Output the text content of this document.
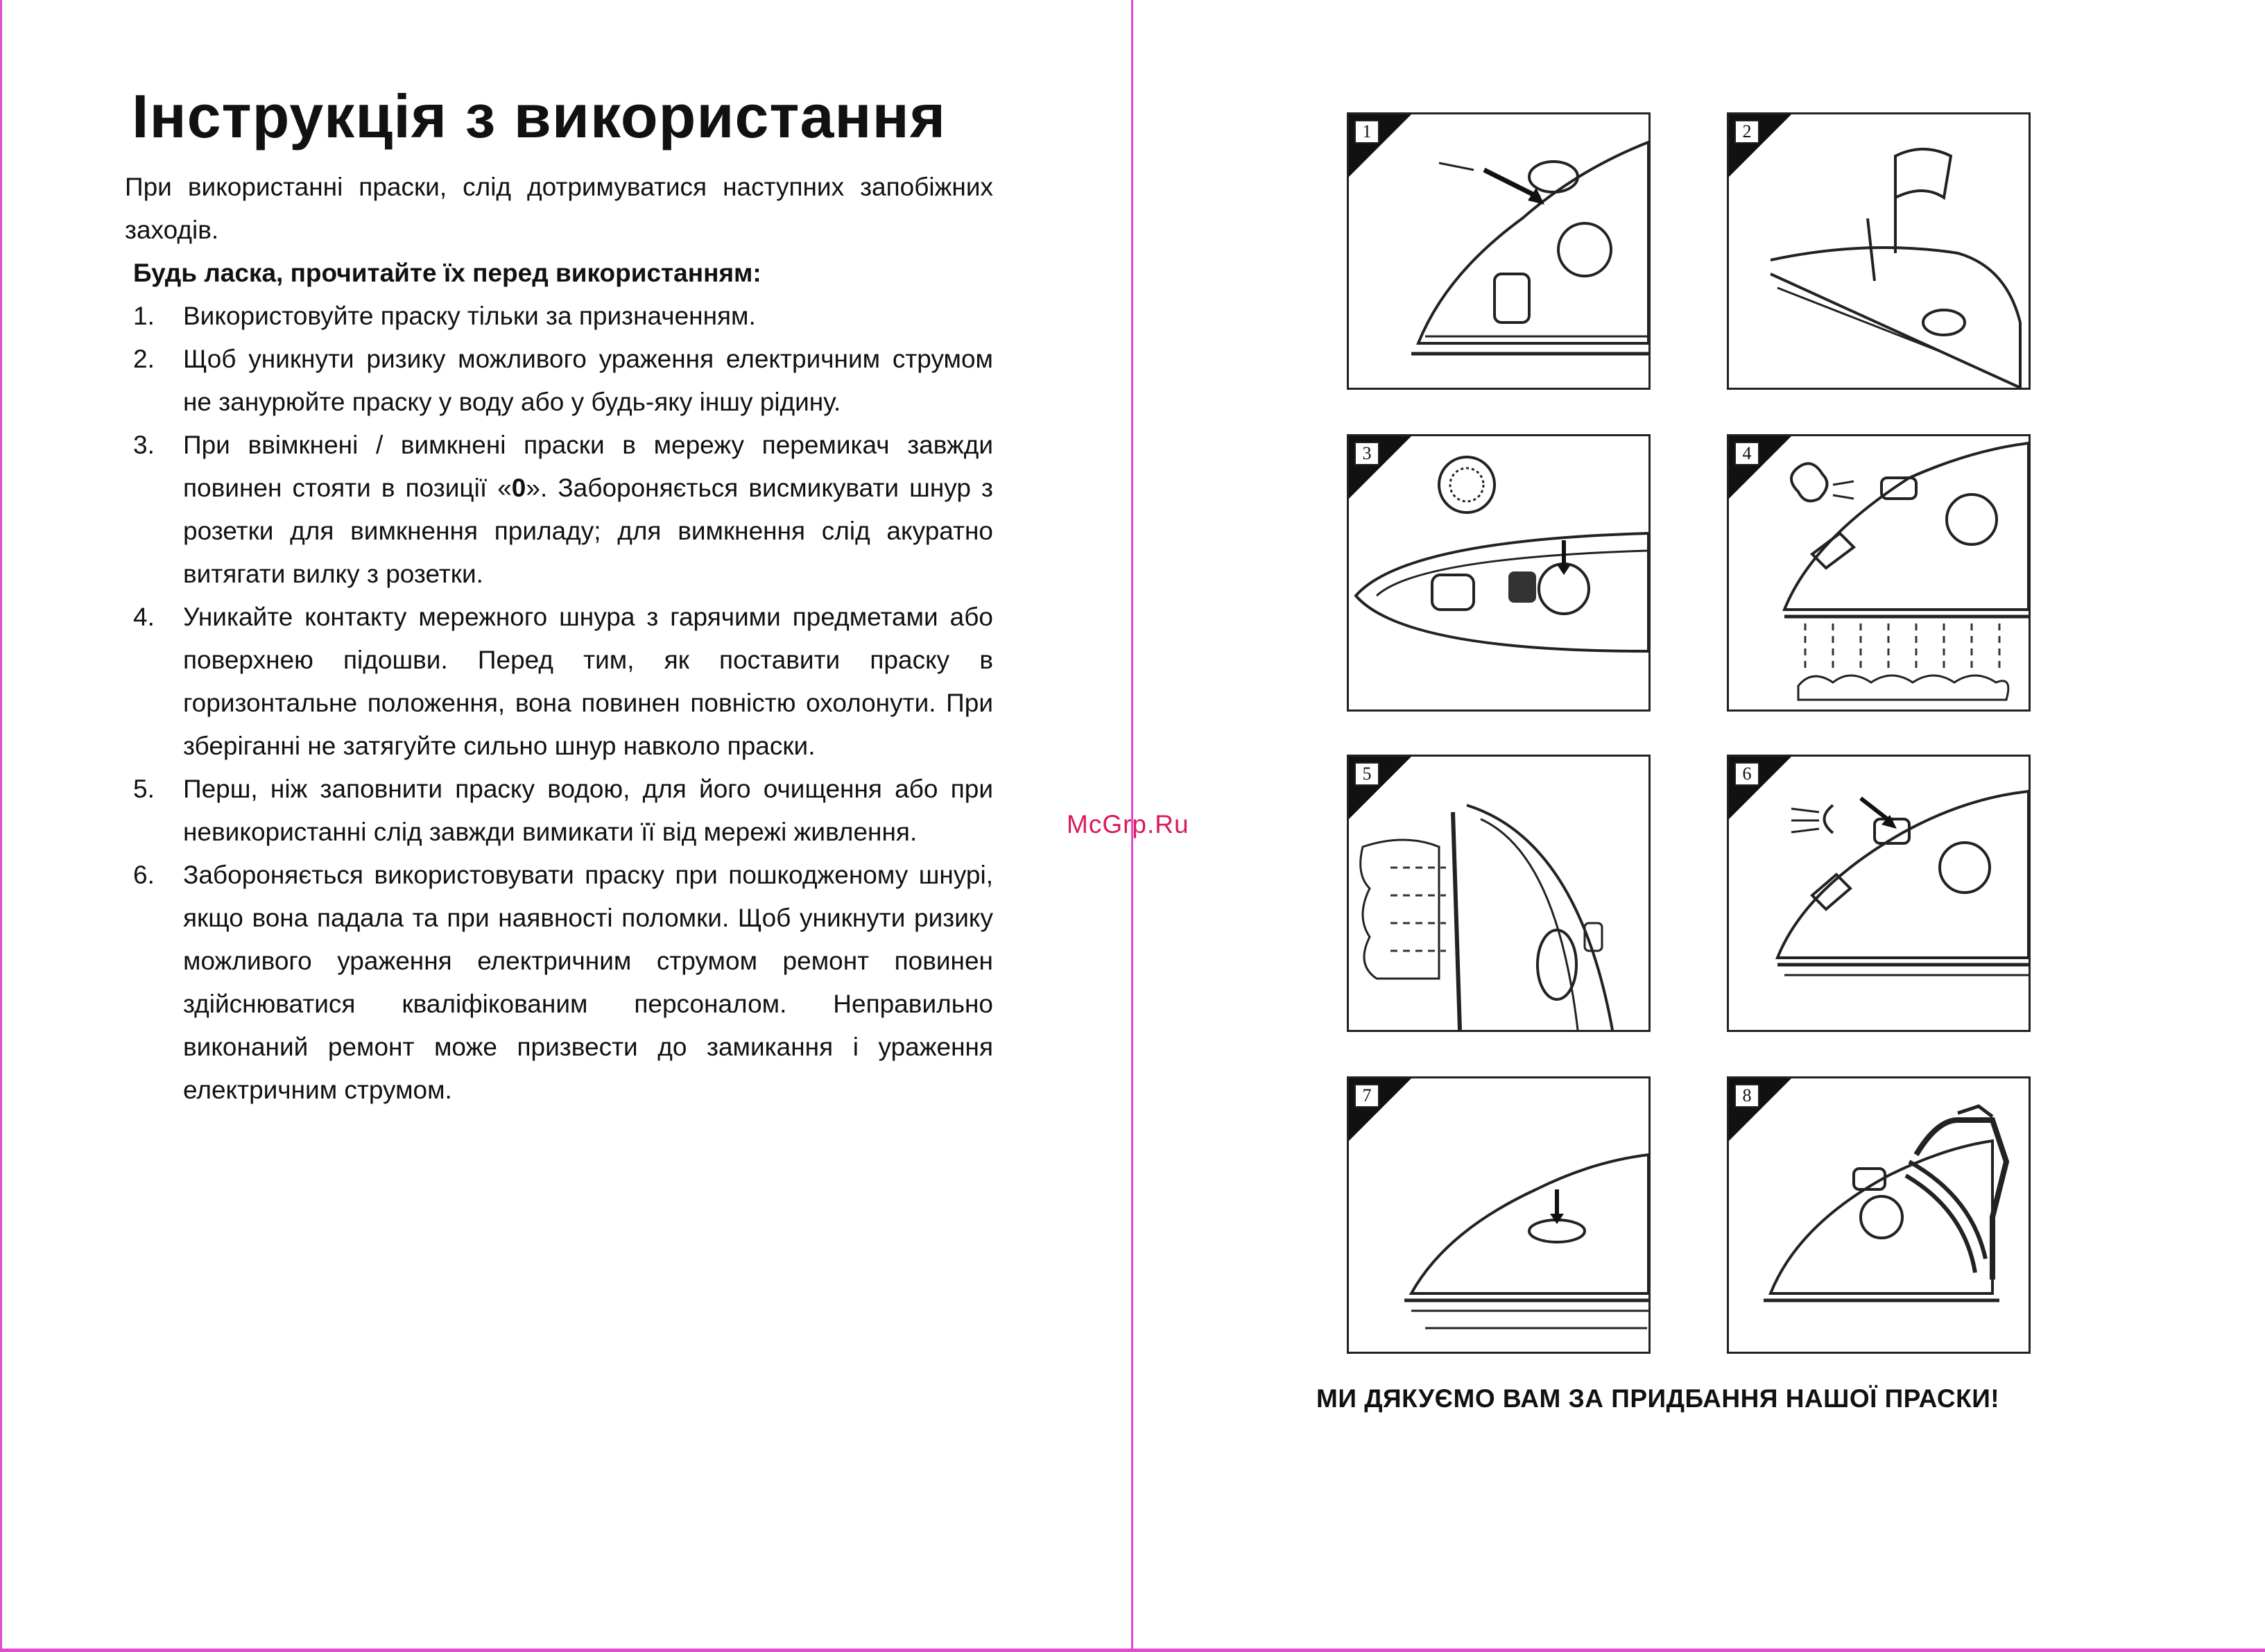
Інструкція з використання

При використанні праски, слід дотримуватися наступних запобіжних заходів.

Будь ласка, прочитайте їх перед використанням:

1. Використовуйте праску тільки за призначенням.
2. Щоб уникнути ризику можливого ураження електричним струмом не занурюйте праску у воду або у будь-яку іншу рідину.
3. При ввімкнені / вимкнені праски в мережу перемикач завжди повинен стояти в позиції «0». Забороняється висмикувати шнур з розетки для вимкнення приладу; для вимкнення слід акуратно витягати вилку з розетки.
4. Уникайте контакту мережного шнура з гарячими предметами або поверхнею підошви. Перед тим, як поставити праску в горизонтальне положення, вона повинен повністю охолонути. При зберіганні не затягуйте сильно шнур навколо праски.
5. Перш, ніж заповнити праску водою, для його очищення або при невикористанні слід завжди вимикати її від мережі живлення.
6. Забороняється використовувати праску при пошкодженому шнурі, якщо вона падала та при наявності поломки. Щоб уникнути ризику можливого ураження електричним струмом ремонт повинен здійснюватися кваліфікованим персоналом. Неправильно виконаний ремонт може призвести до замикання і ураження електричним струмом.
McGrp.Ru
1	2
3	4
5	6
7	8
МИ ДЯКУЄМО ВАМ ЗА ПРИДБАННЯ НАШОЇ ПРАСКИ!
